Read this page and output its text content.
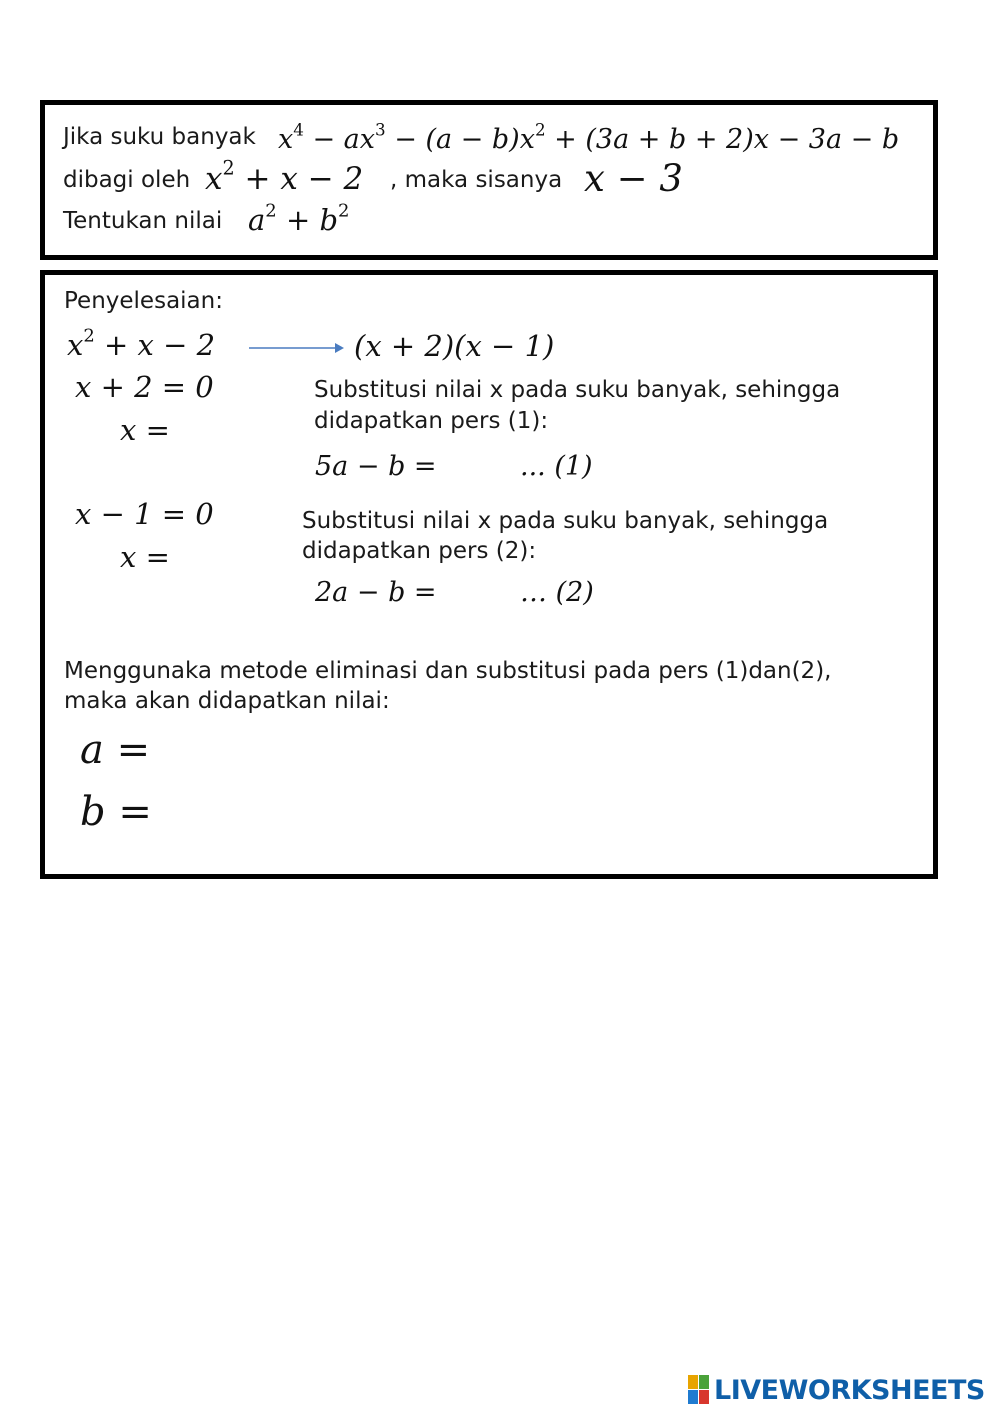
Jika suku banyak $x^4 - ax^3 - (a - b)x^2 + (3a + b + 2)x - 3a - b$
dibagi oleh $x^2 + x - 2$ , maka sisanya x − 3
Tentukan nilai $a^2 + b^2$
Penyelesaian:
$x^2 + x - 2$	(x + 2)(x − 1)
x + 2 = 0
x =
Substitusi nilai x pada suku banyak, sehingga
didapatkan pers (1):
5a − b =	... (1)
x − 1 = 0
x =
Substitusi nilai x pada suku banyak, sehingga
didapatkan pers (2):
2a − b =	… (2)
Menggunaka metode eliminasi dan substitusi pada pers (1)dan(2),
maka akan didapatkan nilai:
a =
b =
LIVEWORKSHEETS
